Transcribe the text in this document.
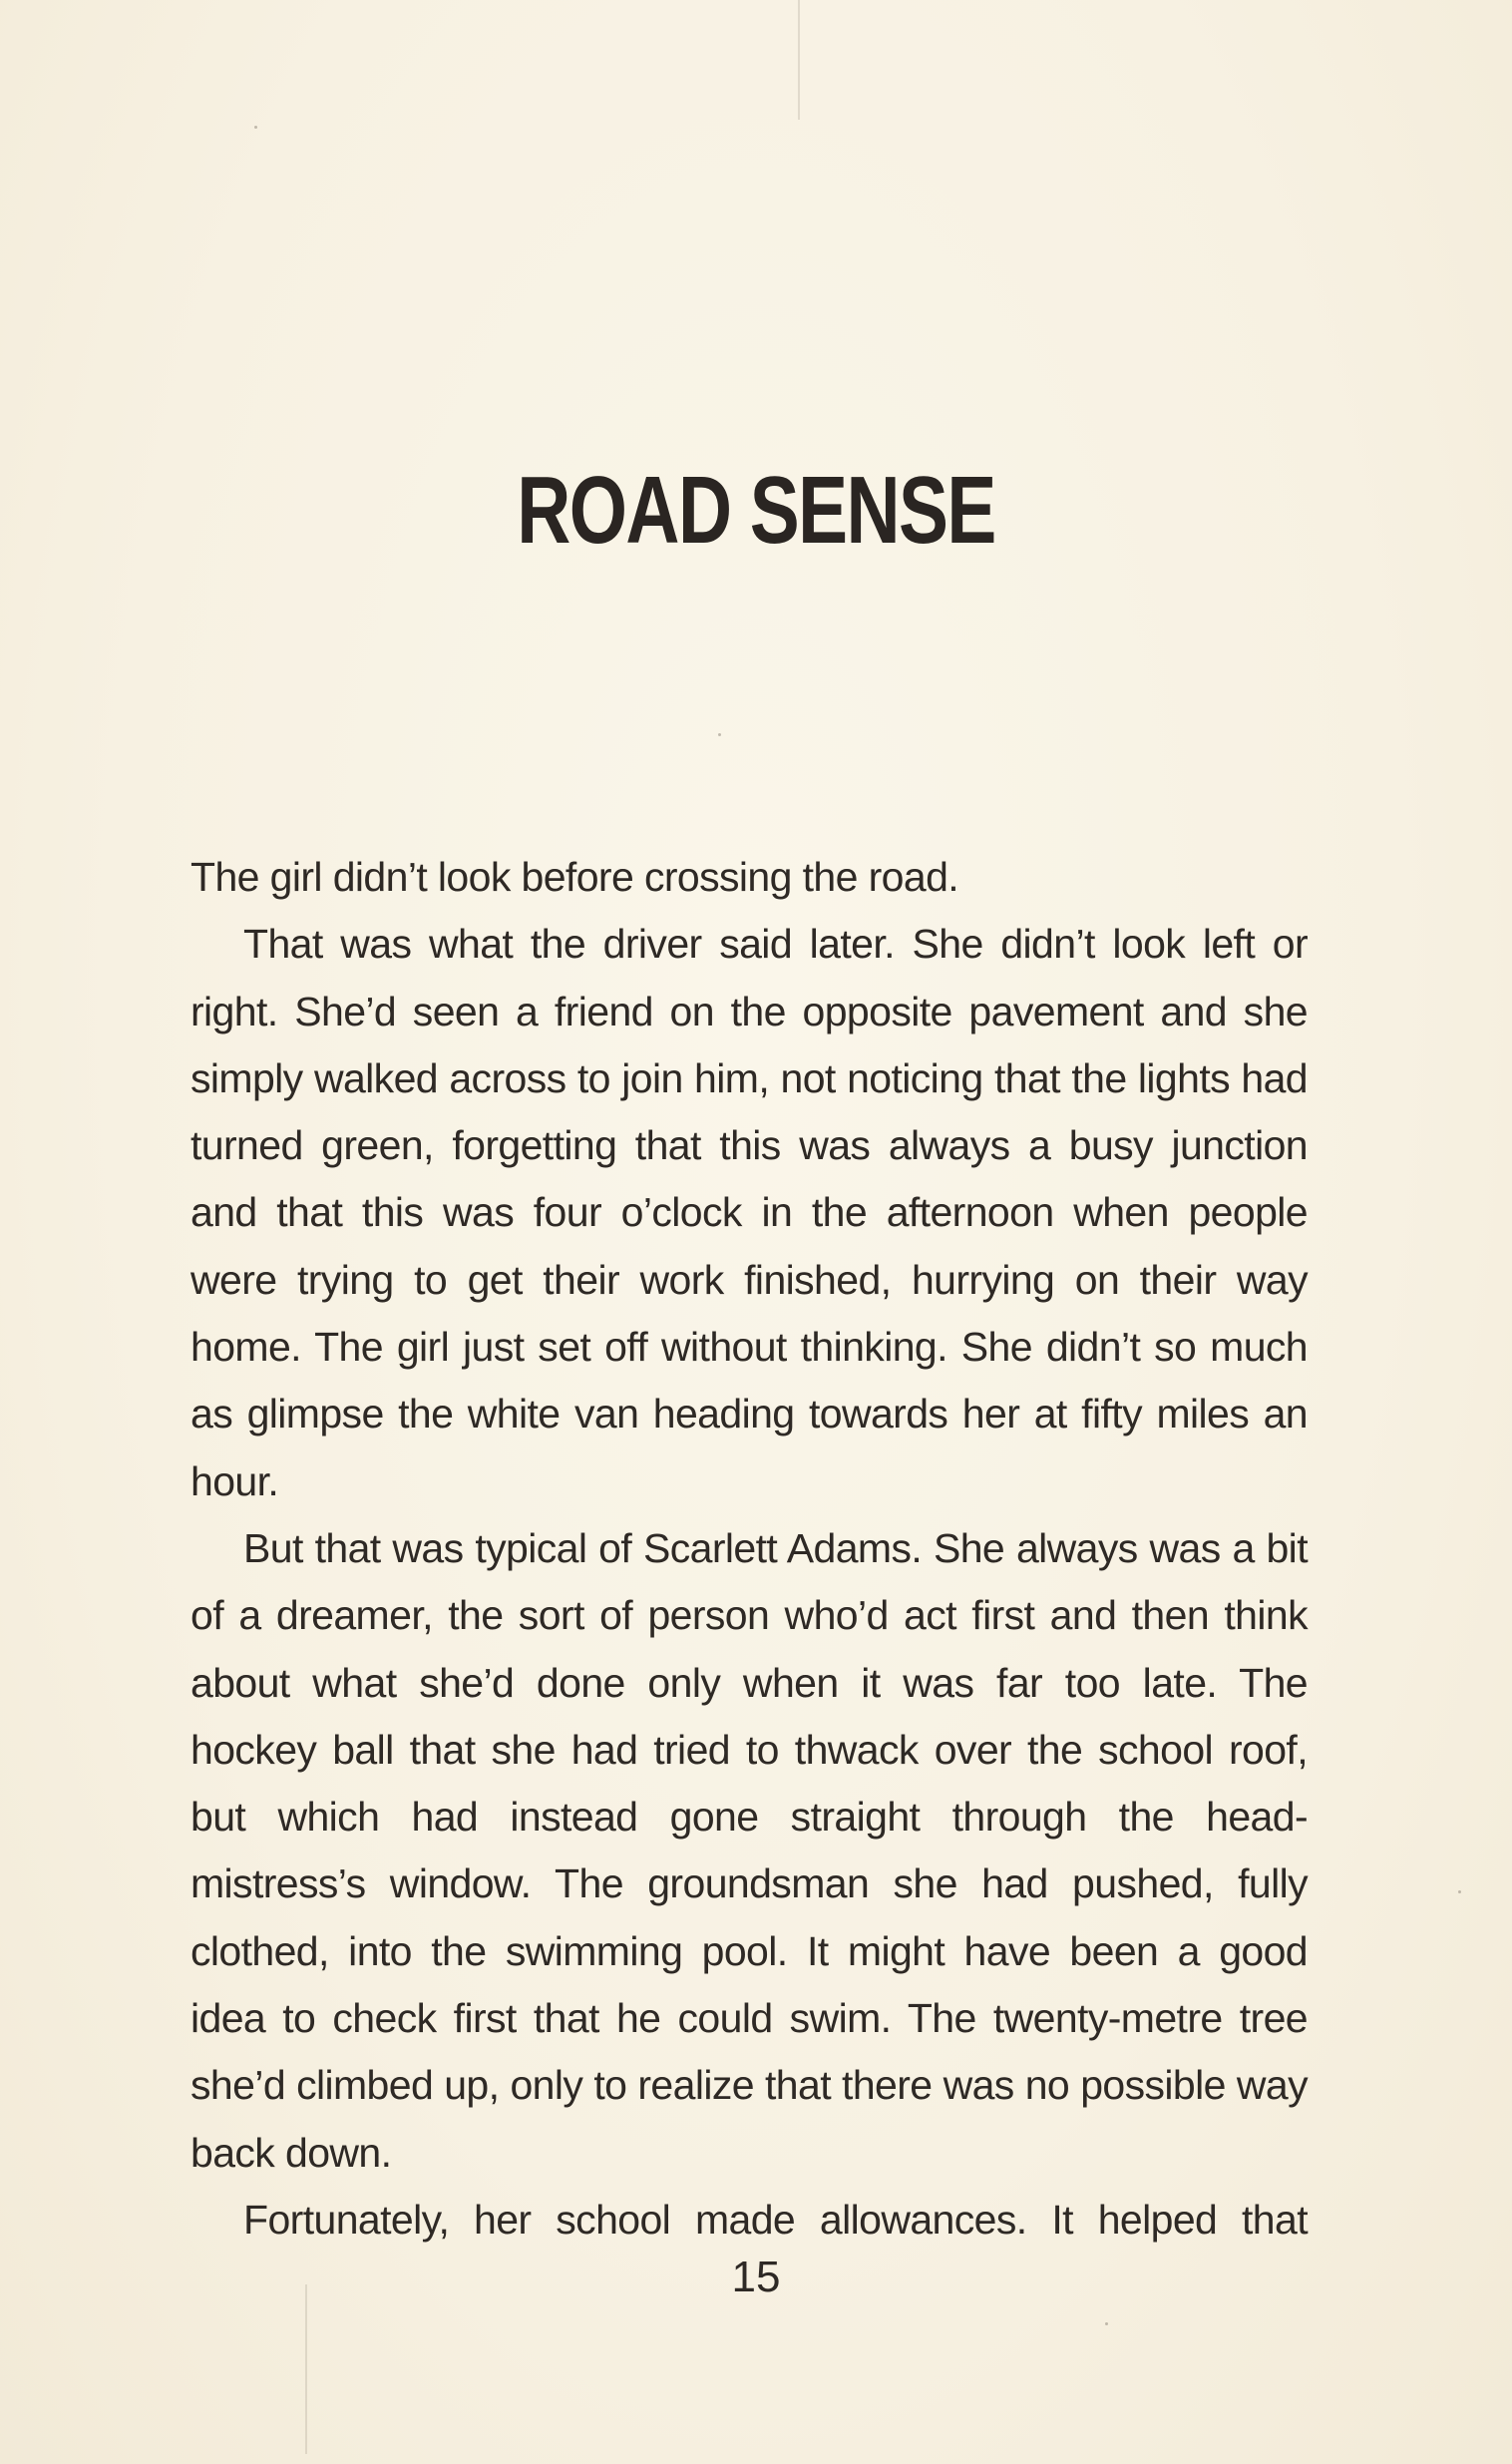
ROAD SENSE

The girl didn’t look before crossing the road.

That was what the driver said later. She didn’t look left or right. She’d seen a friend on the opposite pavement and she simply walked across to join him, not noticing that the lights had turned green, forgetting that this was always a busy junction and that this was four o’clock in the afternoon when people were trying to get their work finished, hurrying on their way home. The girl just set off without thinking. She didn’t so much as glimpse the white van heading towards her at fifty miles an hour.

But that was typical of Scarlett Adams. She always was a bit of a dreamer, the sort of person who’d act first and then think about what she’d done only when it was far too late. The hockey ball that she had tried to thwack over the school roof, but which had instead gone straight through the head-mistress’s window. The groundsman she had pushed, fully clothed, into the swimming pool. It might have been a good idea to check first that he could swim. The twenty-metre tree she’d climbed up, only to realize that there was no possible way back down.

Fortunately, her school made allowances. It helped that

15
